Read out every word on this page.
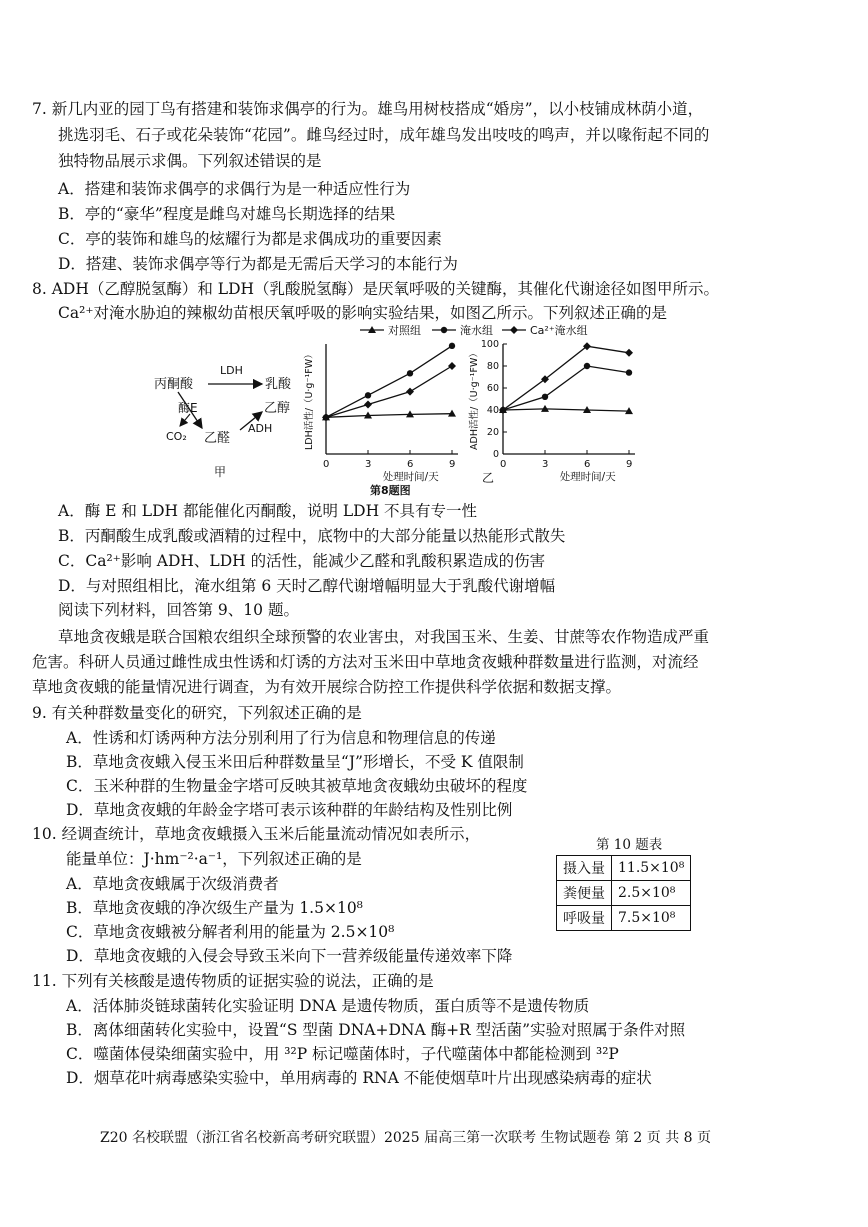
7. 新几内亚的园丁鸟有搭建和装饰求偶亭的行为。雄鸟用树枝搭成“婚房”，以小枝铺成林荫小道，
挑选羽毛、石子或花朵装饰“花园”。雌鸟经过时，成年雄鸟发出吱吱的鸣声，并以喙衔起不同的
独特物品展示求偶。下列叙述错误的是
A．搭建和装饰求偶亭的求偶行为是一种适应性行为
B．亭的“豪华”程度是雌鸟对雄鸟长期选择的结果
C．亭的装饰和雄鸟的炫耀行为都是求偶成功的重要因素
D．搭建、装饰求偶亭等行为都是无需后天学习的本能行为
8. ADH（乙醇脱氢酶）和 LDH（乳酸脱氢酶）是厌氧呼吸的关键酶，其催化代谢途径如图甲所示。
Ca²⁺对淹水胁迫的辣椒幼苗根厌氧呼吸的影响实验结果，如图乙所示。下列叙述正确的是
丙酮酸
LDH
乳酸
酶E
CO₂ 乙醛
ADH
乙醇
甲
对照组	淹水组	Ca²⁺淹水组
0	3	6	9
处理时间/天
LDH活性/（U·g⁻¹FW）
0	3	6	9
0
20
40
60
80
100
处理时间/天
ADH活性/（U·g⁻¹FW）
第8题图
乙
A．酶 E 和 LDH 都能催化丙酮酸，说明 LDH 不具有专一性
B．丙酮酸生成乳酸或酒精的过程中，底物中的大部分能量以热能形式散失
C．Ca²⁺影响 ADH、LDH 的活性，能减少乙醛和乳酸积累造成的伤害
D．与对照组相比，淹水组第 6 天时乙醇代谢增幅明显大于乳酸代谢增幅
阅读下列材料，回答第 9、10 题。
草地贪夜蛾是联合国粮农组织全球预警的农业害虫，对我国玉米、生姜、甘蔗等农作物造成严重
危害。科研人员通过雌性成虫性诱和灯诱的方法对玉米田中草地贪夜蛾种群数量进行监测，对流经
草地贪夜蛾的能量情况进行调查，为有效开展综合防控工作提供科学依据和数据支撑。
9. 有关种群数量变化的研究，下列叙述正确的是
A．性诱和灯诱两种方法分别利用了行为信息和物理信息的传递
B．草地贪夜蛾入侵玉米田后种群数量呈“J”形增长，不受 K 值限制
C．玉米种群的生物量金字塔可反映其被草地贪夜蛾幼虫破坏的程度
D．草地贪夜蛾的年龄金字塔可表示该种群的年龄结构及性别比例
10. 经调查统计，草地贪夜蛾摄入玉米后能量流动情况如表所示，
能量单位：J·hm⁻²·a⁻¹，下列叙述正确的是
A．草地贪夜蛾属于次级消费者
B．草地贪夜蛾的净次级生产量为 1.5×10⁸
C．草地贪夜蛾被分解者利用的能量为 2.5×10⁸
D．草地贪夜蛾的入侵会导致玉米向下一营养级能量传递效率下降
第 10 题表
摄入量	11.5×10⁸
粪便量	2.5×10⁸
呼吸量	7.5×10⁸
11. 下列有关核酸是遗传物质的证据实验的说法，正确的是
A．活体肺炎链球菌转化实验证明 DNA 是遗传物质，蛋白质等不是遗传物质
B．离体细菌转化实验中，设置“S 型菌 DNA+DNA 酶+R 型活菌”实验对照属于条件对照
C．噬菌体侵染细菌实验中，用 ³²P 标记噬菌体时，子代噬菌体中都能检测到 ³²P
D．烟草花叶病毒感染实验中，单用病毒的 RNA 不能使烟草叶片出现感染病毒的症状
Z20 名校联盟（浙江省名校新高考研究联盟）2025 届高三第一次联考 生物试题卷 第 2 页 共 8 页
